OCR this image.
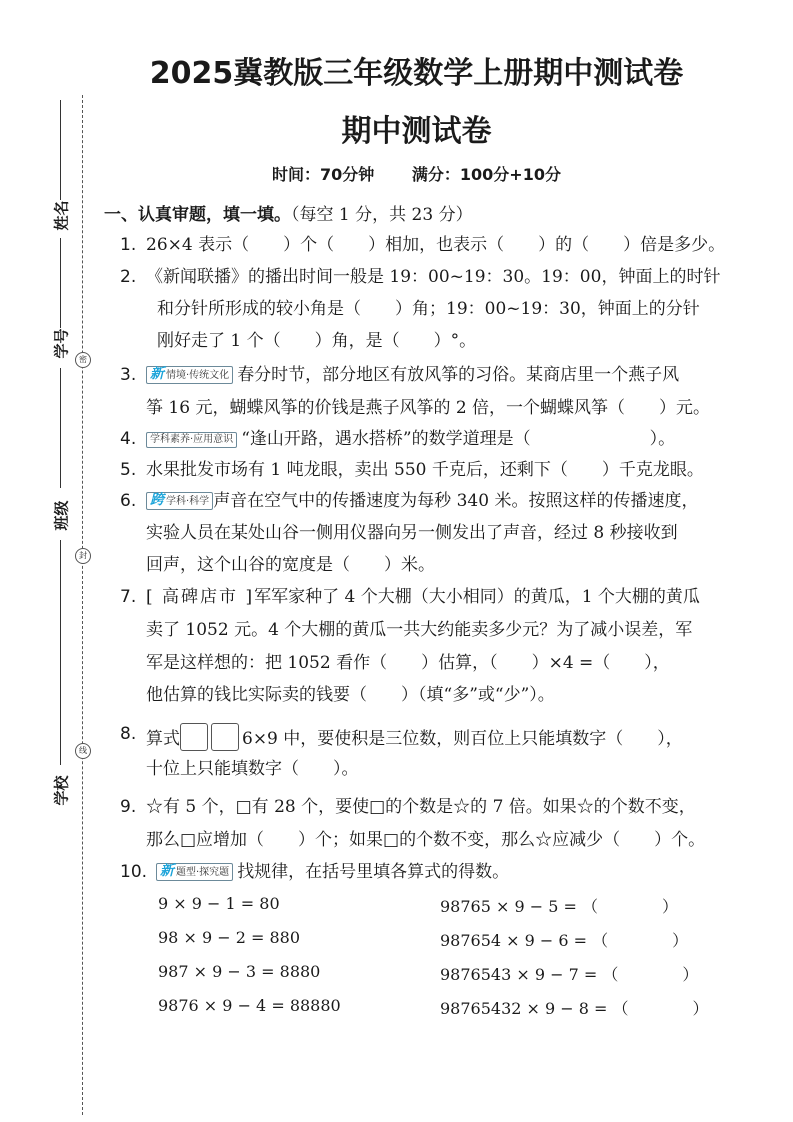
姓名
学号
班级
学校
密
封
线
2025冀教版三年级数学上册期中测试卷
期中测试卷
时间：70分钟 满分：100分+10分
一、认真审题，填一填。（每空 1 分，共 23 分）
1. 26×4 表示（　　）个（　　）相加，也表示（　　）的（　　）倍是多少。
2. 《新闻联播》的播出时间一般是 19：00~19：30。19：00，钟面上的时针
和分针所形成的较小角是（　　）角；19：00~19：30，钟面上的分针
刚好走了 1 个（　　）角，是（　　）°。
3. 新 情境·传统文化 春分时节，部分地区有放风筝的习俗。某商店里一个燕子风
筝 16 元，蝴蝶风筝的价钱是燕子风筝的 2 倍，一个蝴蝶风筝（　　）元。
4.	学科素养·应用意识 “逢山开路，遇水搭桥”的数学道理是（　　　　　　　）。
5. 水果批发市场有 1 吨龙眼，卖出 550 千克后，还剩下（　　）千克龙眼。
6. 跨 学科·科学 声音在空气中的传播速度为每秒 340 米。按照这样的传播速度，
实验人员在某处山谷一侧用仪器向另一侧发出了声音，经过 8 秒接收到
回声，这个山谷的宽度是（　　）米。
7. [ 高碑店市 ]军军家种了 4 个大棚（大小相同）的黄瓜，1 个大棚的黄瓜
卖了 1052 元。4 个大棚的黄瓜一共大约能卖多少元？为了减小误差，军
军是这样想的：把 1052 看作（　　）估算，（　　）×4 =（　　），
他估算的钱比实际卖的钱要（　　）（填“多”或“少”）。
8. 算式	6×9 中，要使积是三位数，则百位上只能填数字（　　），
十位上只能填数字（　　）。
9. ☆有 5 个，□有 28 个，要使□的个数是☆的 7 倍。如果☆的个数不变，
那么□应增加（　　）个；如果□的个数不变，那么☆应减少（　　）个。
10. 新 题型·探究题 找规律，在括号里填各算式的得数。
9 × 9 − 1 = 80
98 × 9 − 2 = 880
987 × 9 − 3 = 8880
9876 × 9 − 4 = 88880
98765 × 9 − 5 = （　　　　）
987654 × 9 − 6 = （　　　　）
9876543 × 9 − 7 = （　　　　）
98765432 × 9 − 8 = （　　　　）
